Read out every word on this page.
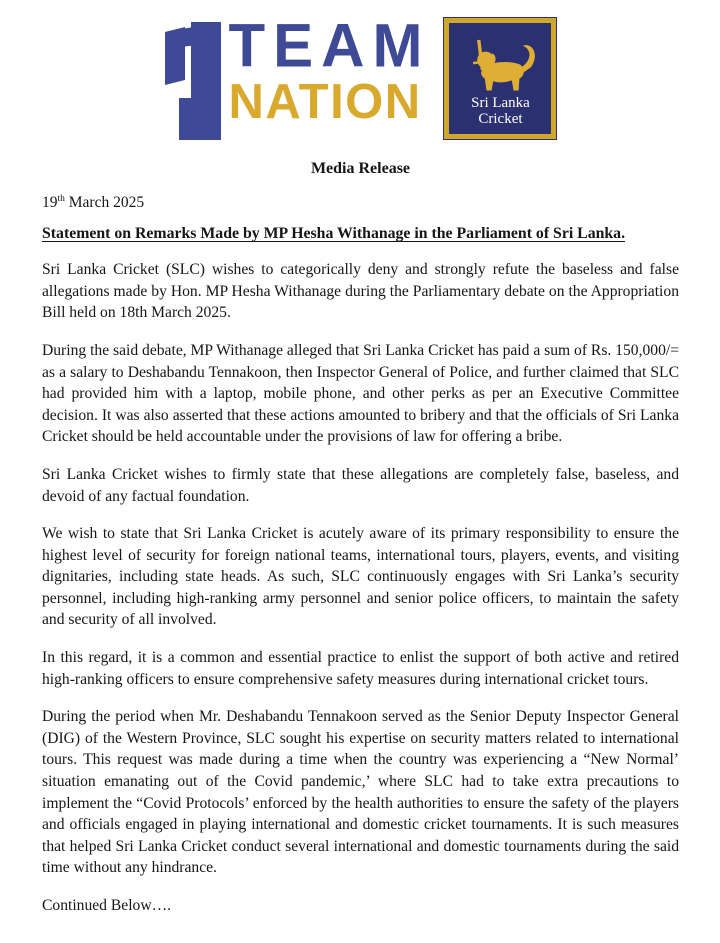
TEAM
NATION	Sri Lanka
Cricket
Media Release
19th March 2025
Statement on Remarks Made by MP Hesha Withanage in the Parliament of Sri Lanka.

Sri Lanka Cricket (SLC) wishes to categorically deny and strongly refute the baseless and false allegations made by Hon. MP Hesha Withanage during the Parliamentary debate on the Appropriation Bill held on 18th March 2025.

During the said debate, MP Withanage alleged that Sri Lanka Cricket has paid a sum of Rs. 150,000/= as a salary to Deshabandu Tennakoon, then Inspector General of Police, and further claimed that SLC had provided him with a laptop, mobile phone, and other perks as per an Executive Committee decision. It was also asserted that these actions amounted to bribery and that the officials of Sri Lanka Cricket should be held accountable under the provisions of law for offering a bribe.

Sri Lanka Cricket wishes to firmly state that these allegations are completely false, baseless, and devoid of any factual foundation.

We wish to state that Sri Lanka Cricket is acutely aware of its primary responsibility to ensure the highest level of security for foreign national teams, international tours, players, events, and visiting dignitaries, including state heads. As such, SLC continuously engages with Sri Lanka’s security personnel, including high-ranking army personnel and senior police officers, to maintain the safety and security of all involved.

In this regard, it is a common and essential practice to enlist the support of both active and retired high-ranking officers to ensure comprehensive safety measures during international cricket tours.

During the period when Mr. Deshabandu Tennakoon served as the Senior Deputy Inspector General (DIG) of the Western Province, SLC sought his expertise on security matters related to international tours. This request was made during a time when the country was experiencing a “New Normal’ situation emanating out of the Covid pandemic,’ where SLC had to take extra precautions to implement the “Covid Protocols’ enforced by the health authorities to ensure the safety of the players and officials engaged in playing international and domestic cricket tournaments. It is such measures that helped Sri Lanka Cricket conduct several international and domestic tournaments during the said time without any hindrance.

Continued Below….
